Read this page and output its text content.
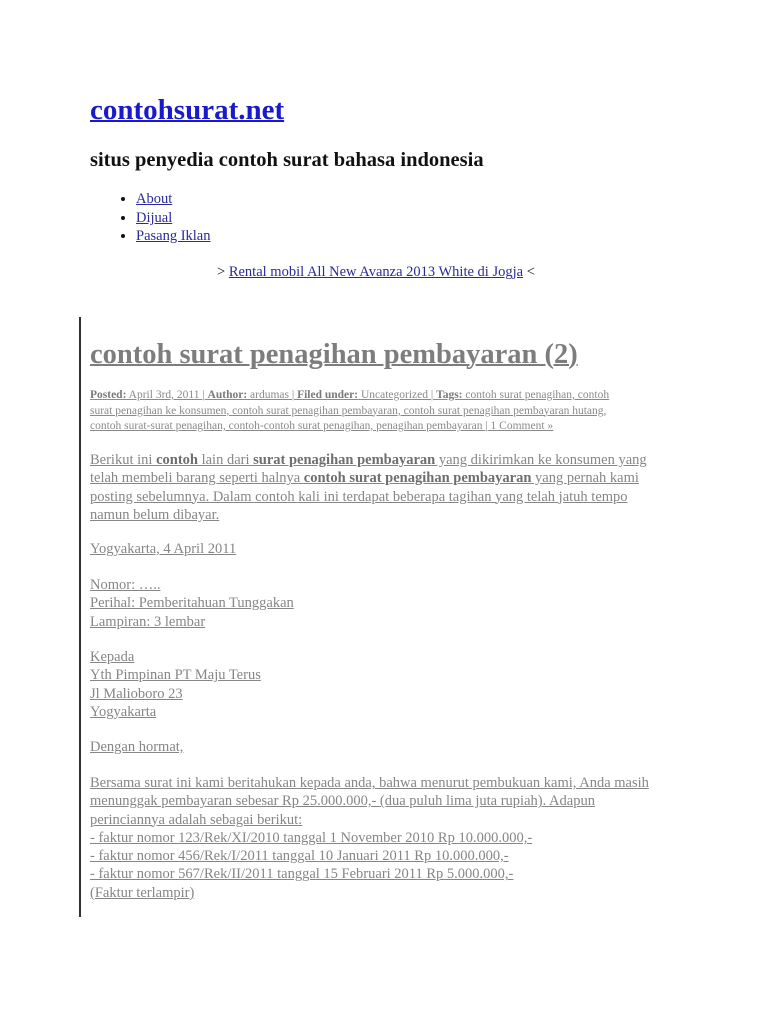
contohsurat.net
situs penyedia contoh surat bahasa indonesia
• About
• Dijual
• Pasang Iklan
> Rental mobil All New Avanza 2013 White di Jogja <
contoh surat penagihan pembayaran (2)
Posted: April 3rd, 2011 | Author: ardumas | Filed under: Uncategorized | Tags: contoh surat penagihan, contoh
surat penagihan ke konsumen, contoh surat penagihan pembayaran, contoh surat penagihan pembayaran hutang,
contoh surat-surat penagihan, contoh-contoh surat penagihan, penagihan pembayaran | 1 Comment »
Berikut ini contoh lain dari surat penagihan pembayaran yang dikirimkan ke konsumen yang
telah membeli barang seperti halnya contoh surat penagihan pembayaran yang pernah kami
posting sebelumnya. Dalam contoh kali ini terdapat beberapa tagihan yang telah jatuh tempo
namun belum dibayar.
Yogyakarta, 4 April 2011
Nomor: …..
Perihal: Pemberitahuan Tunggakan
Lampiran: 3 lembar
Kepada
Yth Pimpinan PT Maju Terus
Jl Malioboro 23
Yogyakarta
Dengan hormat,
Bersama surat ini kami beritahukan kepada anda, bahwa menurut pembukuan kami, Anda masih
menunggak pembayaran sebesar Rp 25.000.000,- (dua puluh lima juta rupiah). Adapun
perinciannya adalah sebagai berikut:
- faktur nomor 123/Rek/XI/2010 tanggal 1 November 2010 Rp 10.000.000,-
- faktur nomor 456/Rek/I/2011 tanggal 10 Januari 2011 Rp 10.000.000,-
- faktur nomor 567/Rek/II/2011 tanggal 15 Februari 2011 Rp 5.000.000,-
(Faktur terlampir)
